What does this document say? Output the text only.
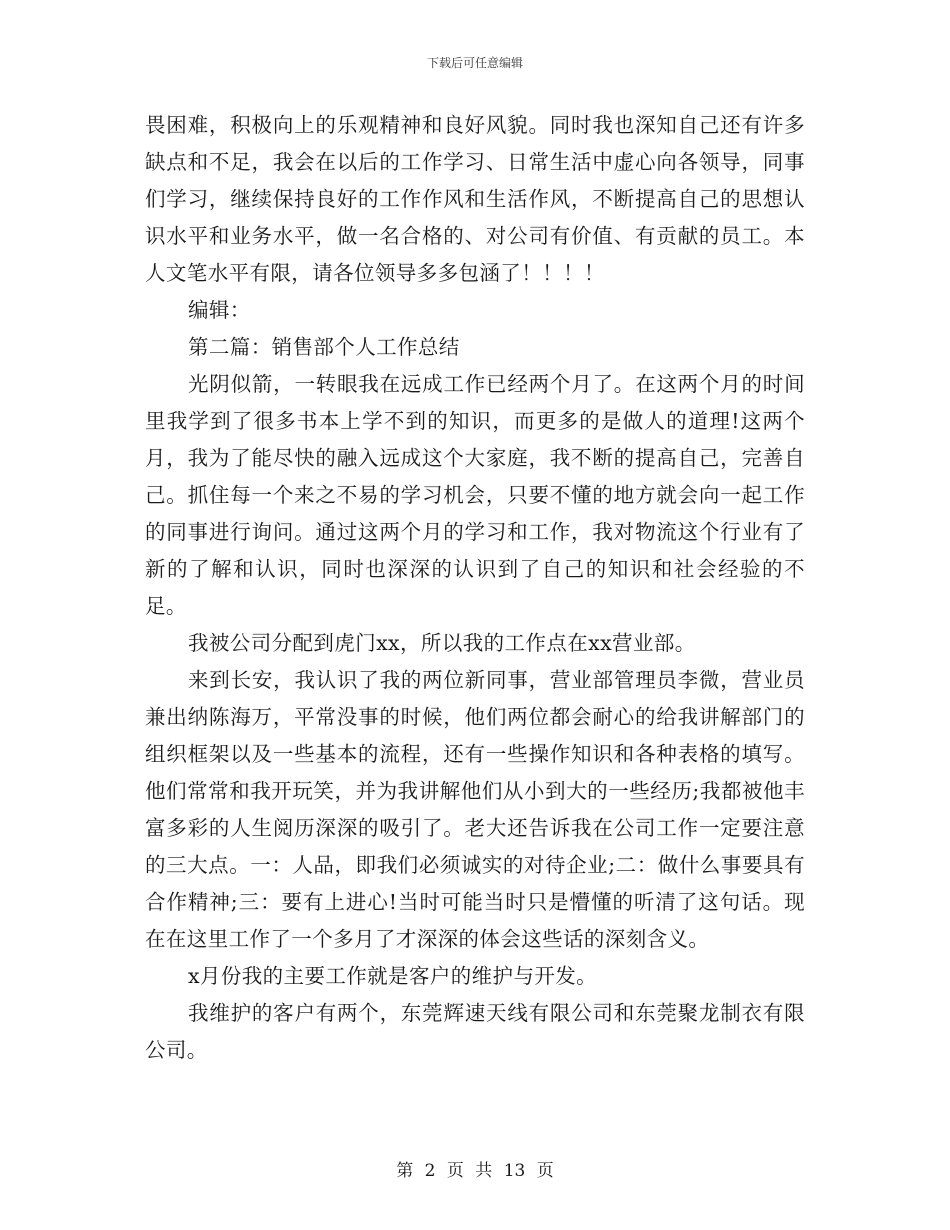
下载后可任意编辑

畏困难，积极向上的乐观精神和良好风貌。同时我也深知自己还有许多缺点和不足，我会在以后的工作学习、日常生活中虚心向各领导，同事们学习，继续保持良好的工作作风和生活作风，不断提高自己的思想认识水平和业务水平，做一名合格的、对公司有价值、有贡献的员工。本人文笔水平有限，请各位领导多多包涵了！！！！

编辑：

第二篇：销售部个人工作总结

光阴似箭，一转眼我在远成工作已经两个月了。在这两个月的时间里我学到了很多书本上学不到的知识，而更多的是做人的道理!这两个月，我为了能尽快的融入远成这个大家庭，我不断的提高自己，完善自己。抓住每一个来之不易的学习机会，只要不懂的地方就会向一起工作的同事进行询问。通过这两个月的学习和工作，我对物流这个行业有了新的了解和认识，同时也深深的认识到了自己的知识和社会经验的不足。

我被公司分配到虎门xx，所以我的工作点在xx营业部。

来到长安，我认识了我的两位新同事，营业部管理员李微，营业员兼出纳陈海万，平常没事的时候，他们两位都会耐心的给我讲解部门的组织框架以及一些基本的流程，还有一些操作知识和各种表格的填写。他们常常和我开玩笑，并为我讲解他们从小到大的一些经历;我都被他丰富多彩的人生阅历深深的吸引了。老大还告诉我在公司工作一定要注意的三大点。一：人品，即我们必须诚实的对待企业;二：做什么事要具有合作精神;三：要有上进心!当时可能当时只是懵懂的听清了这句话。现在在这里工作了一个多月了才深深的体会这些话的深刻含义。

x月份我的主要工作就是客户的维护与开发。

我维护的客户有两个，东莞辉速天线有限公司和东莞聚龙制衣有限公司。

第 2 页 共 13 页
